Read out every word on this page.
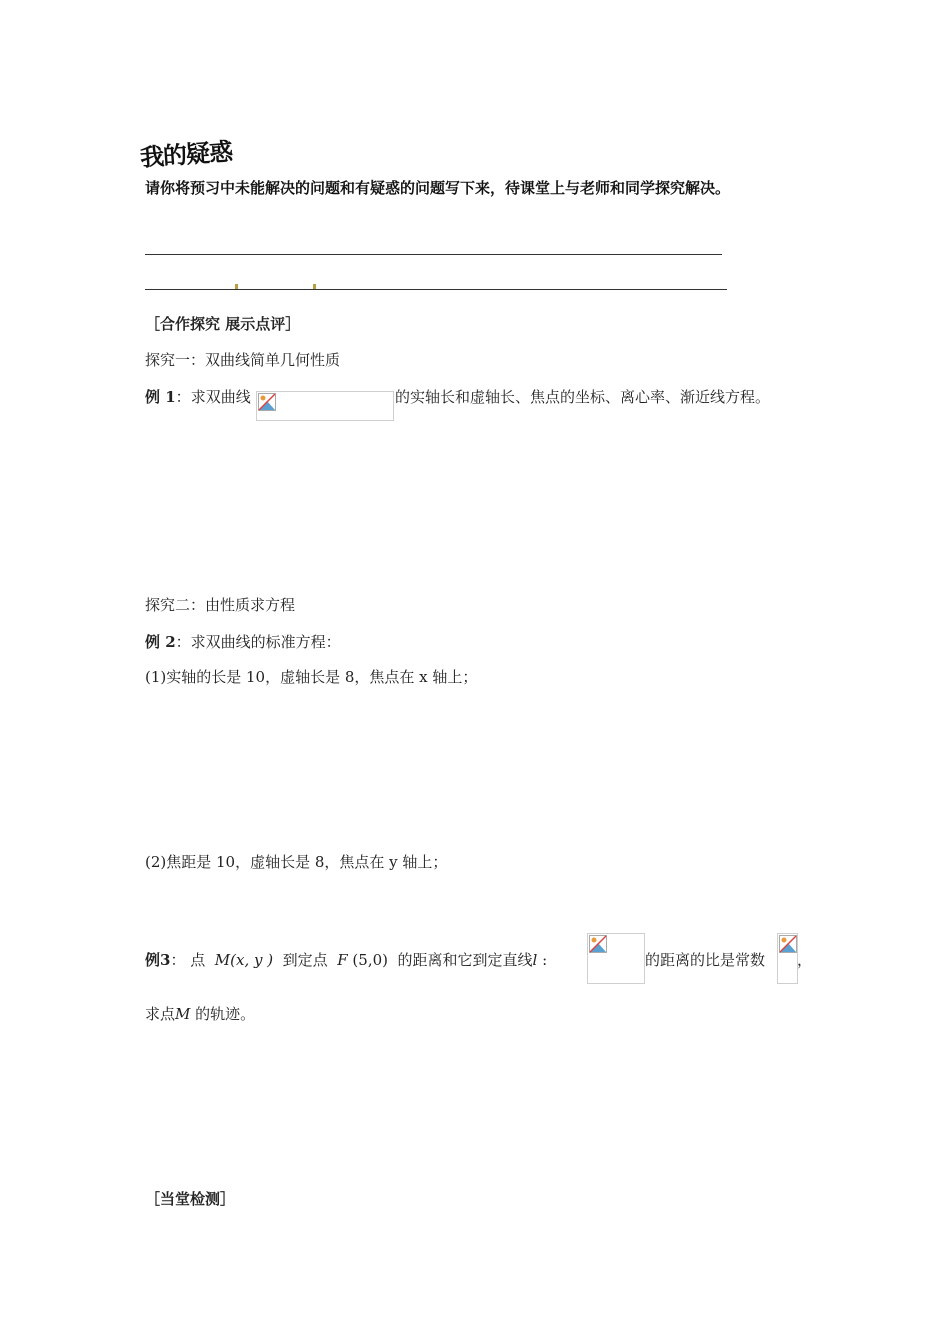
我的疑惑
请你将预习中未能解决的问题和有疑惑的问题写下来，待课堂上与老师和同学探究解决。
［合作探究 展示点评］
探究一：双曲线简单几何性质
例 1：求双曲线	的实轴长和虚轴长、焦点的坐标、离心率、渐近线方程。
探究二：由性质求方程
例 2：求双曲线的标准方程：
(1)实轴的长是 10，虚轴长是 8，焦点在 x 轴上；
(2)焦距是 10，虚轴长是 8，焦点在 y 轴上；
例3： 点 M(x, y ) 到定点 F (5,0) 的距离和它到定直线l :	的距离的比是常数 ，
求点M 的轨迹。
［当堂检测］
